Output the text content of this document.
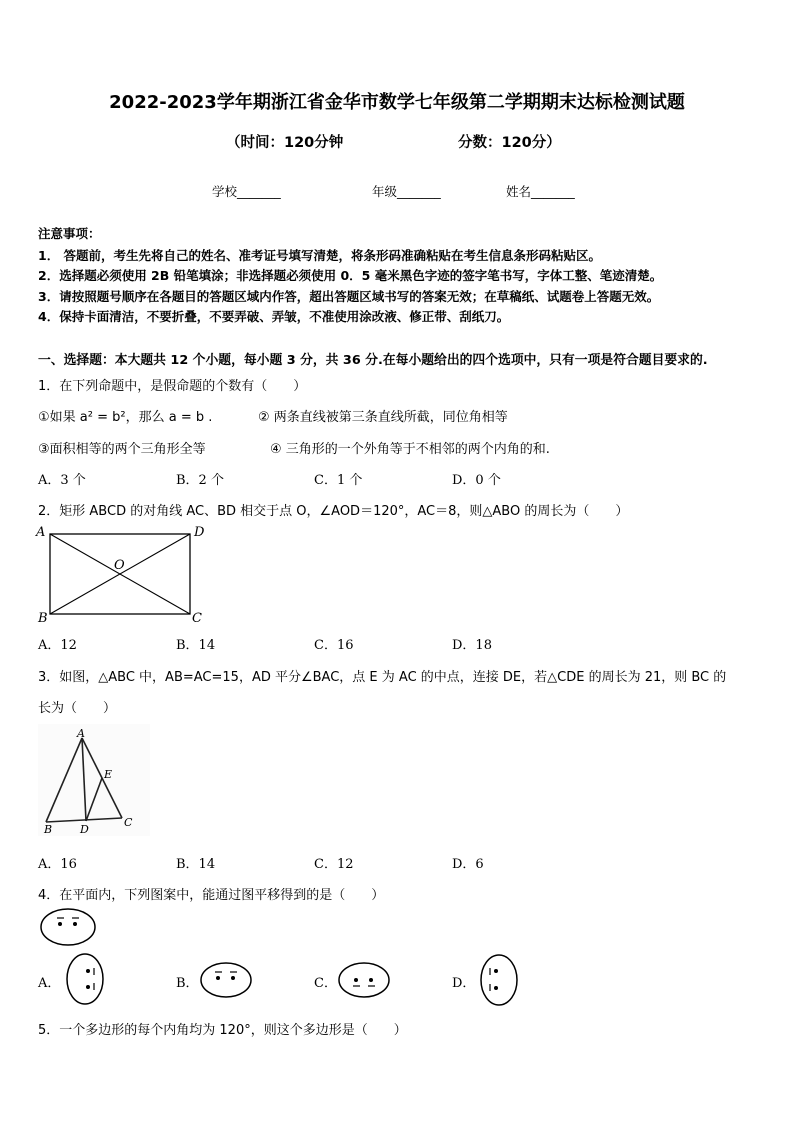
2022-2023学年期浙江省金华市数学七年级第二学期期末达标检测试题
（时间：120分钟	分数：120分）
学校_______	年级_______	姓名_______
注意事项：
1． 答题前，考生先将自己的姓名、准考证号填写清楚，将条形码准确粘贴在考生信息条形码粘贴区。
2．选择题必须使用 2B 铅笔填涂；非选择题必须使用 0．5 毫米黑色字迹的签字笔书写，字体工整、笔迹清楚。
3．请按照题号顺序在各题目的答题区域内作答，超出答题区域书写的答案无效；在草稿纸、试题卷上答题无效。
4．保持卡面清洁，不要折叠，不要弄破、弄皱，不准使用涂改液、修正带、刮纸刀。
一、选择题：本大题共 12 个小题，每小题 3 分，共 36 分.在每小题给出的四个选项中，只有一项是符合题目要求的.
1．在下列命题中，是假命题的个数有（　　）
①如果 a² = b²，那么 a = b .	② 两条直线被第三条直线所截，同位角相等
③面积相等的两个三角形全等	④ 三角形的一个外角等于不相邻的两个内角的和.
A．3 个	B．2 个	C．1 个	D．0 个
2．矩形 ABCD 的对角线 AC、BD 相交于点 O，∠AOD＝120°，AC＝8，则△ABO 的周长为（　　）
A	D
O
B	C
A．12	B．14	C．16	D．18
3．如图，△ABC 中，AB=AC=15，AD 平分∠BAC，点 E 为 AC 的中点，连接 DE，若△CDE 的周长为 21，则 BC 的
长为（　　）
A
E
B	D
C
A．16	B．14	C．12	D．6
4．在平面内，下列图案中，能通过图平移得到的是（　　）
A．	B．	C．	D．
5．一个多边形的每个内角均为 120°，则这个多边形是（　　）
